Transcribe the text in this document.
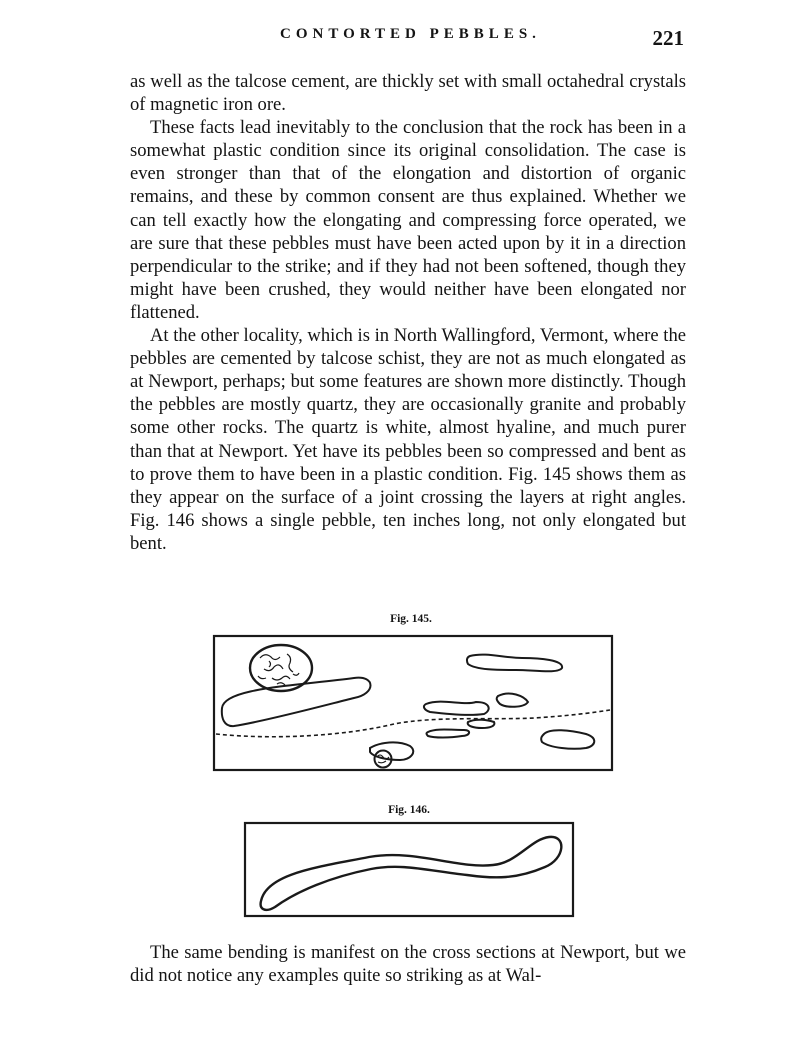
CONTORTED PEBBLES.	221

as well as the talcose cement, are thickly set with small octahedral crystals of magnetic iron ore.

These facts lead inevitably to the conclusion that the rock has been in a somewhat plastic condition since its original consolidation. The case is even stronger than that of the elongation and distortion of organic remains, and these by common consent are thus explained. Whether we can tell exactly how the elongating and compressing force operated, we are sure that these pebbles must have been acted upon by it in a direction perpendicular to the strike; and if they had not been softened, though they might have been crushed, they would neither have been elongated nor flattened.

At the other locality, which is in North Wallingford, Vermont, where the pebbles are cemented by talcose schist, they are not as much elongated as at Newport, perhaps; but some features are shown more distinctly. Though the pebbles are mostly quartz, they are occasionally granite and probably some other rocks. The quartz is white, almost hyaline, and much purer than that at Newport. Yet have its pebbles been so compressed and bent as to prove them to have been in a plastic condition. Fig. 145 shows them as they appear on the surface of a joint crossing the layers at right angles. Fig. 146 shows a single pebble, ten inches long, not only elongated but bent.

Fig. 145.
Fig. 146.

The same bending is manifest on the cross sections at Newport, but we did not notice any examples quite so striking as at Wal-
